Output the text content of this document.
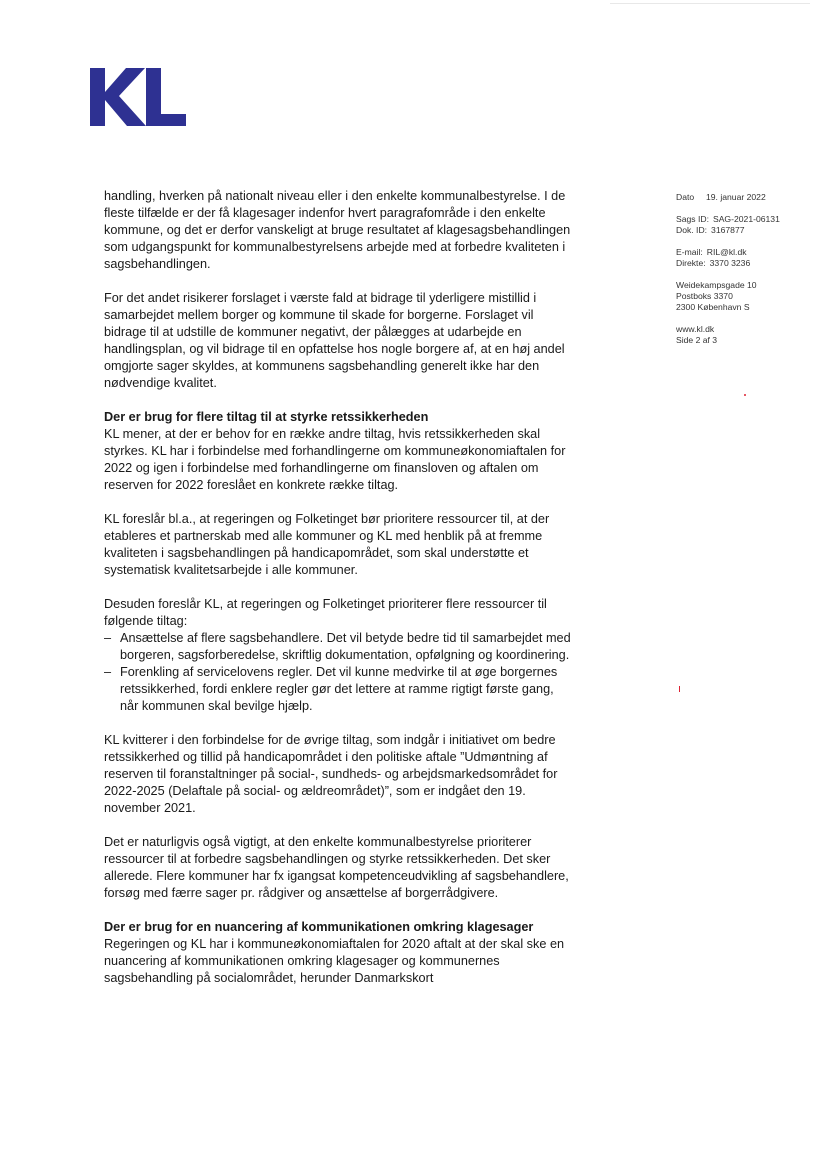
Dato	19. januar 2022
Sags ID: SAG-2021-06131
Dok. ID: 3167877
E-mail: RIL@kl.dk
Direkte: 3370 3236
Weidekampsgade 10
Postboks 3370
2300 København S
www.kl.dk
Side 2 af 3

handling, hverken på nationalt niveau eller i den enkelte kommunalbestyrelse. I de fleste tilfælde er der få klagesager indenfor hvert paragrafområde i den enkelte kommune, og det er derfor vanskeligt at bruge resultatet af klagesagsbehandlingen som udgangspunkt for kommunalbestyrelsens arbejde med at forbedre kvaliteten i sagsbehandlingen.

For det andet risikerer forslaget i værste fald at bidrage til yderligere mistillid i samarbejdet mellem borger og kommune til skade for borgerne. Forslaget vil bidrage til at udstille de kommuner negativt, der pålægges at udarbejde en handlingsplan, og vil bidrage til en opfattelse hos nogle borgere af, at en høj andel omgjorte sager skyldes, at kommunens sagsbehandling generelt ikke har den nødvendige kvalitet.

Der er brug for flere tiltag til at styrke retssikkerheden

KL mener, at der er behov for en række andre tiltag, hvis retssikkerheden skal styrkes. KL har i forbindelse med forhandlingerne om kommuneøkonomiaftalen for 2022 og igen i forbindelse med forhandlingerne om finansloven og aftalen om reserven for 2022 foreslået en konkrete række tiltag.

KL foreslår bl.a., at regeringen og Folketinget bør prioritere ressourcer til, at der etableres et partnerskab med alle kommuner og KL med henblik på at fremme kvaliteten i sagsbehandlingen på handicapområdet, som skal understøtte et systematisk kvalitetsarbejde i alle kommuner.

Desuden foreslår KL, at regeringen og Folketinget prioriterer flere ressourcer til følgende tiltag:

– Ansættelse af flere sagsbehandlere. Det vil betyde bedre tid til samarbejdet med borgeren, sagsforberedelse, skriftlig dokumentation, opfølgning og koordinering.
– Forenkling af servicelovens regler. Det vil kunne medvirke til at øge borgernes retssikkerhed, fordi enklere regler gør det lettere at ramme rigtigt første gang, når kommunen skal bevilge hjælp.

KL kvitterer i den forbindelse for de øvrige tiltag, som indgår i initiativet om bedre retssikkerhed og tillid på handicapområdet i den politiske aftale ”Udmøntning af reserven til foranstaltninger på social-, sundheds- og arbejdsmarkedsområdet for 2022-2025 (Delaftale på social- og ældreområdet)”, som er indgået den 19. november 2021.

Det er naturligvis også vigtigt, at den enkelte kommunalbestyrelse prioriterer ressourcer til at forbedre sagsbehandlingen og styrke retssikkerheden. Det sker allerede. Flere kommuner har fx igangsat kompetenceudvikling af sagsbehandlere, forsøg med færre sager pr. rådgiver og ansættelse af borgerrådgivere.

Der er brug for en nuancering af kommunikationen omkring klagesager

Regeringen og KL har i kommuneøkonomiaftalen for 2020 aftalt at der skal ske en nuancering af kommunikationen omkring klagesager og kommunernes sagsbehandling på socialområdet, herunder Danmarkskort
